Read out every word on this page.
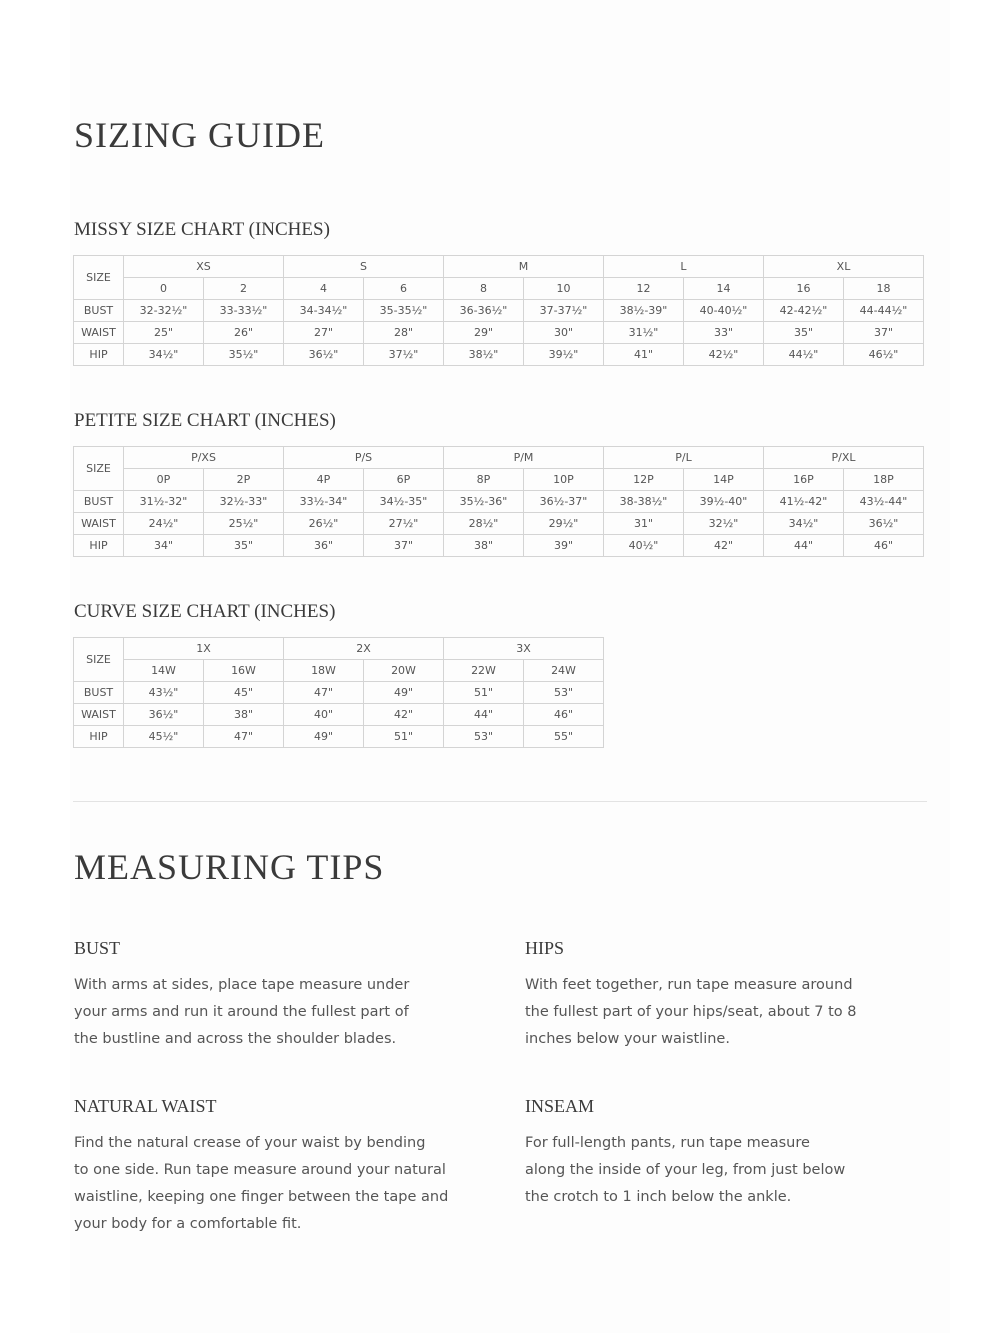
SIZING GUIDE
MISSY SIZE CHART (INCHES)
SIZE	XS		S		M		L		XL	
	0	2	4	6	8	10	12	14	16	18
BUST	32-32½"	33-33½"	34-34½"	35-35½"	36-36½"	37-37½"	38½-39"	40-40½"	42-42½"	44-44½"
WAIST	25"	26"	27"	28"	29"	30"	31½"	33"	35"	37"
HIP	34½"	35½"	36½"	37½"	38½"	39½"	41"	42½"	44½"	46½"
PETITE SIZE CHART (INCHES)
SIZE	P/XS		P/S		P/M		P/L		P/XL	
	0P	2P	4P	6P	8P	10P	12P	14P	16P	18P
BUST	31½-32"	32½-33"	33½-34"	34½-35"	35½-36"	36½-37"	38-38½"	39½-40"	41½-42"	43½-44"
WAIST	24½"	25½"	26½"	27½"	28½"	29½"	31"	32½"	34½"	36½"
HIP	34"	35"	36"	37"	38"	39"	40½"	42"	44"	46"
CURVE SIZE CHART (INCHES)
SIZE	1X		2X		3X	
	14W	16W	18W	20W	22W	24W
BUST	43½"	45"	47"	49"	51"	53"
WAIST	36½"	38"	40"	42"	44"	46"
HIP	45½"	47"	49"	51"	53"	55"
MEASURING TIPS
BUST

With arms at sides, place tape measure under
your arms and run it around the fullest part of
the bustline and across the shoulder blades.

HIPS

With feet together, run tape measure around
the fullest part of your hips/seat, about 7 to 8
inches below your waistline.

NATURAL WAIST

Find the natural crease of your waist by bending
to one side. Run tape measure around your natural
waistline, keeping one finger between the tape and
your body for a comfortable fit.

INSEAM

For full-length pants, run tape measure
along the inside of your leg, from just below
the crotch to 1 inch below the ankle.
